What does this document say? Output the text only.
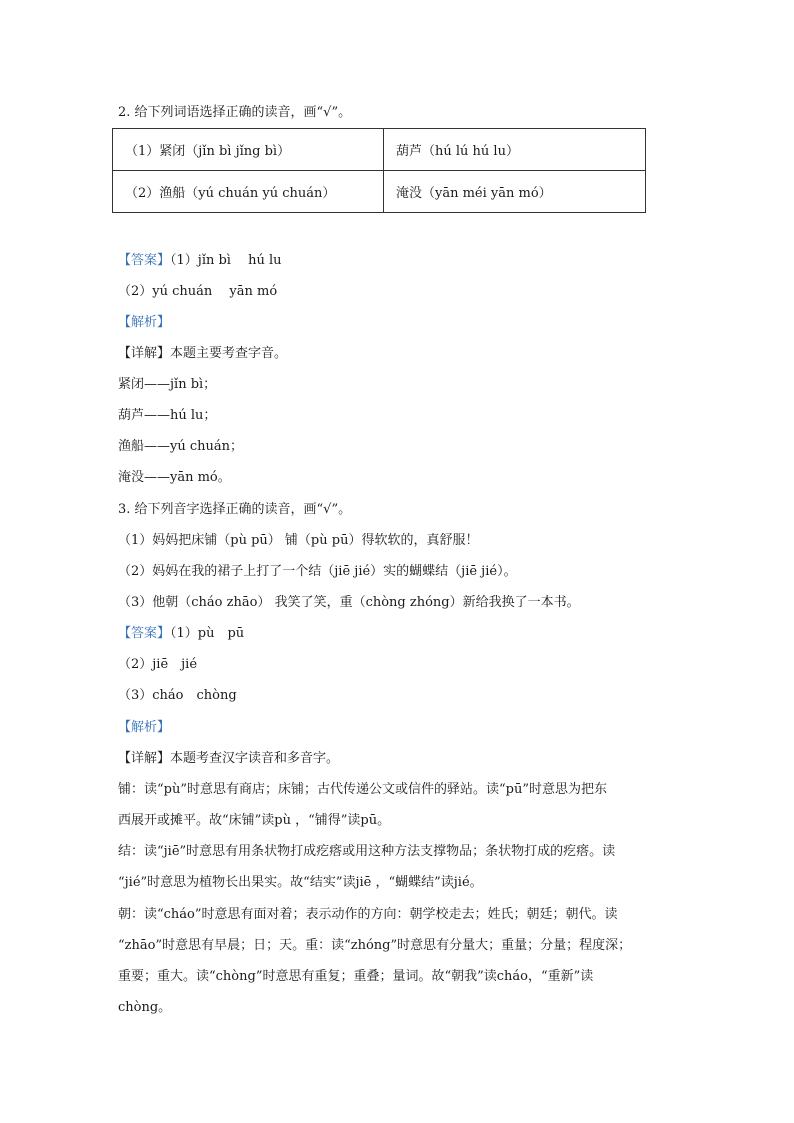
2. 给下列词语选择正确的读音，画“√”。
（1）紧闭（jǐn bì jǐng bì）	葫芦（hú lú hú lu）
（2）渔船（yú chuán yú chuán）	淹没（yān méi yān mó）
【答案】（1）jǐn bì　 hú lu
（2）yú chuán　 yān mó
【解析】
【详解】本题主要考查字音。
紧闭——jǐn bì；
葫芦——hú lu；
渔船——yú chuán；
淹没——yān mó。
3. 给下列音字选择正确的读音，画“√”。
（1）妈妈把床铺（pù pū） 铺（pù pū）得软软的，真舒服！
（2）妈妈在我的裙子上打了一个结（jiē jié）实的蝴蝶结（jiē jié）。
（3）他朝（cháo zhāo） 我笑了笑，重（chòng zhóng）新给我换了一本书。
【答案】（1）pù　pū
（2）jiē　jié
（3）cháo　chòng
【解析】
【详解】本题考查汉字读音和多音字。
铺：读“pù”时意思有商店；床铺；古代传递公文或信件的驿站。读“pū”时意思为把东
西展开或摊平。故“床铺”读pù ，“铺得”读pū。
结：读“jiē”时意思有用条状物打成疙瘩或用这种方法支撑物品；条状物打成的疙瘩。读
“jié”时意思为植物长出果实。故“结实”读jiē ，“蝴蝶结”读jié。
朝：读“cháo”时意思有面对着；表示动作的方向：朝学校走去；姓氏；朝廷；朝代。读
“zhāo”时意思有早晨；日；天。重：读“zhóng”时意思有分量大；重量；分量；程度深；
重要；重大。读“chòng”时意思有重复；重叠；量词。故“朝我”读cháo，“重新”读
chòng。
